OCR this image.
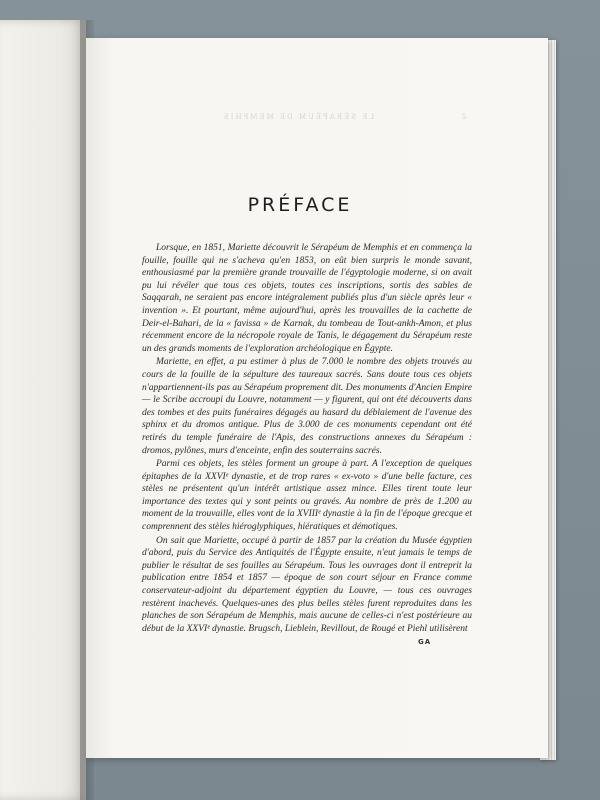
LE SÉRAPÉUM DE MEMPHIS	5
PRÉFACE

Lorsque, en 1851, Mariette découvrit le Sérapéum de Memphis et en commença la fouille, fouille qui ne s'acheva qu'en 1853, on eût bien surpris le monde savant, enthousiasmé par la première grande trouvaille de l'égyptologie moderne, si on avait pu lui révéler que tous ces objets, toutes ces inscriptions, sortis des sables de Saqqarah, ne seraient pas encore intégralement publiés plus d'un siècle après leur « invention ». Et pourtant, même aujourd'hui, après les trouvailles de la cachette de Deir-el-Bahari, de la « favissa » de Karnak, du tombeau de Tout-ankh-Amon, et plus récemment encore de la nécropole royale de Tanis, le dégagement du Sérapéum reste un des grands moments de l'exploration archéologique en Égypte.

Mariette, en effet, a pu estimer à plus de 7.000 le nombre des objets trouvés au cours de la fouille de la sépulture des taureaux sacrés. Sans doute tous ces objets n'appartiennent-ils pas au Sérapéum proprement dit. Des monuments d'Ancien Empire — le Scribe accroupi du Louvre, notamment — y figurent, qui ont été découverts dans des tombes et des puits funéraires dégagés au hasard du déblaiement de l'avenue des sphinx et du dromos antique. Plus de 3.000 de ces monuments cependant ont été retirés du temple funéraire de l'Apis, des constructions annexes du Sérapéum : dromos, pylônes, murs d'enceinte, enfin des souterrains sacrés.

Parmi ces objets, les stèles forment un groupe à part. A l'exception de quelques épitaphes de la XXVIᵉ dynastie, et de trop rares « ex-voto » d'une belle facture, ces stèles ne présentent qu'un intérêt artistique assez mince. Elles tirent toute leur importance des textes qui y sont peints ou gravés. Au nombre de près de 1.200 au moment de la trouvaille, elles vont de la XVIIIᵉ dynastie à la fin de l'époque grecque et comprennent des stèles hiéroglyphiques, hiératiques et démotiques.

On sait que Mariette, occupé à partir de 1857 par la création du Musée égyptien d'abord, puis du Service des Antiquités de l'Égypte ensuite, n'eut jamais le temps de publier le résultat de ses fouilles au Sérapéum. Tous les ouvrages dont il entreprit la publication entre 1854 et 1857 — époque de son court séjour en France comme conservateur-adjoint du département égyptien du Louvre, — tous ces ouvrages restèrent inachevés. Quelques-unes des plus belles stèles furent reproduites dans les planches de son Sérapéum de Memphis, mais aucune de celles-ci n'est postérieure au début de la XXVIᵉ dynastie. Brugsch, Lieblein, Revillout, de Rougé et Piehl utilisèrent

GA
